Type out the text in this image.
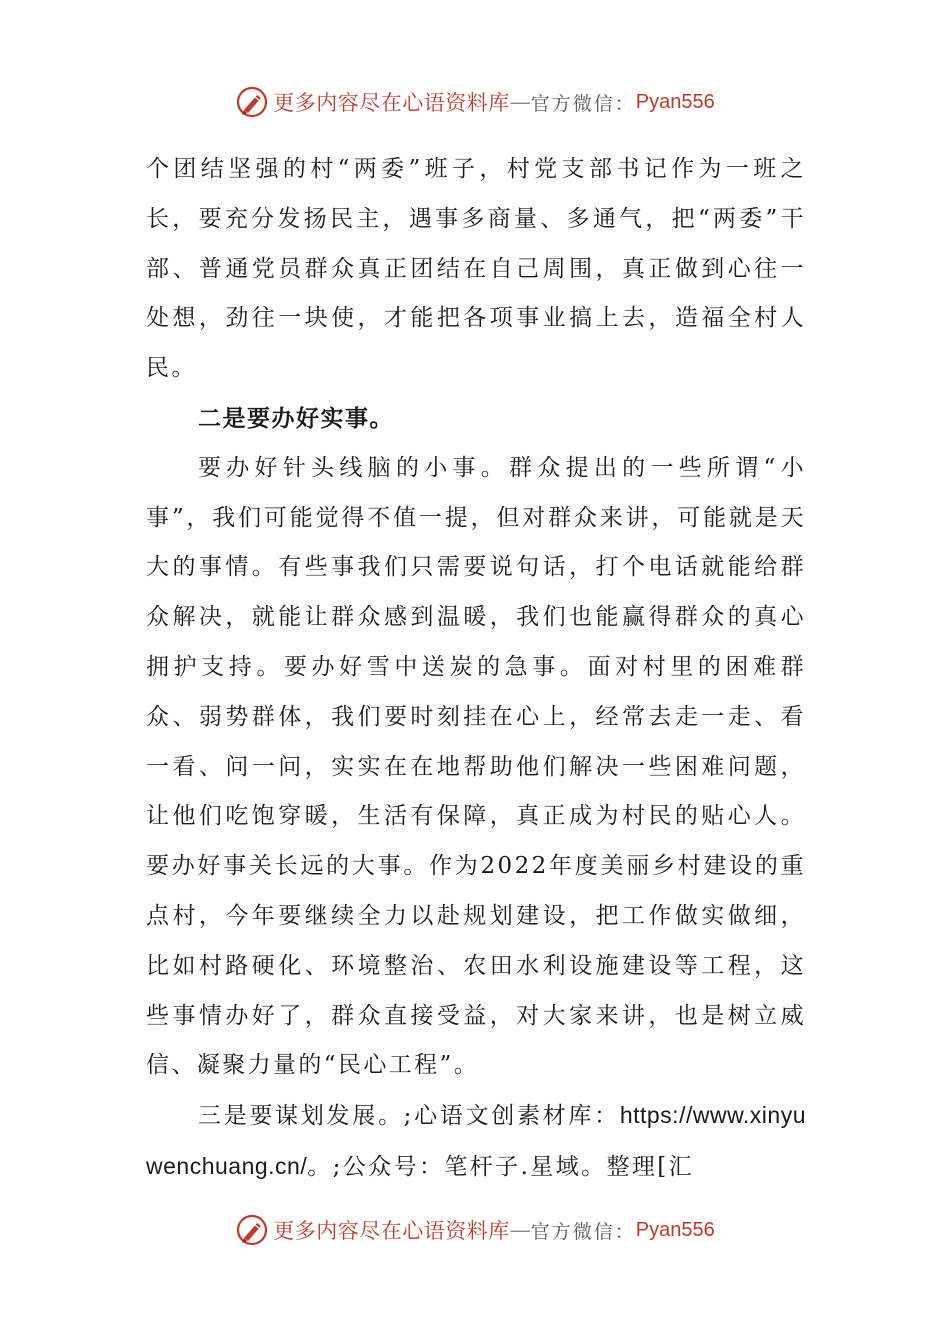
更多内容尽在心语资料库 — 官方微信： Pyan556

个团结坚强的村“两委”班子，村党支部书记作为一班之长，要充分发扬民主，遇事多商量、多通气，把“两委”干部、普通党员群众真正团结在自己周围，真正做到心往一处想，劲往一块使，才能把各项事业搞上去，造福全村人民。

二是要办好实事。

要办好针头线脑的小事。群众提出的一些所谓“小事”，我们可能觉得不值一提，但对群众来讲，可能就是天大的事情。有些事我们只需要说句话，打个电话就能给群众解决，就能让群众感到温暖，我们也能赢得群众的真心拥护支持。要办好雪中送炭的急事。面对村里的困难群众、弱势群体，我们要时刻挂在心上，经常去走一走、看一看、问一问，实实在在地帮助他们解决一些困难问题，让他们吃饱穿暖，生活有保障，真正成为村民的贴心人。要办好事关长远的大事。作为2022年度美丽乡村建设的重点村，今年要继续全力以赴规划建设，把工作做实做细，比如村路硬化、环境整治、农田水利设施建设等工程，这些事情办好了，群众直接受益，对大家来讲，也是树立威信、凝聚力量的“民心工程”。

三是要谋划发展。;心语文创素材库：https://www.xinyuwenchuang.cn/。;公众号：笔杆子.星域。整理[汇

更多内容尽在心语资料库 — 官方微信： Pyan556
